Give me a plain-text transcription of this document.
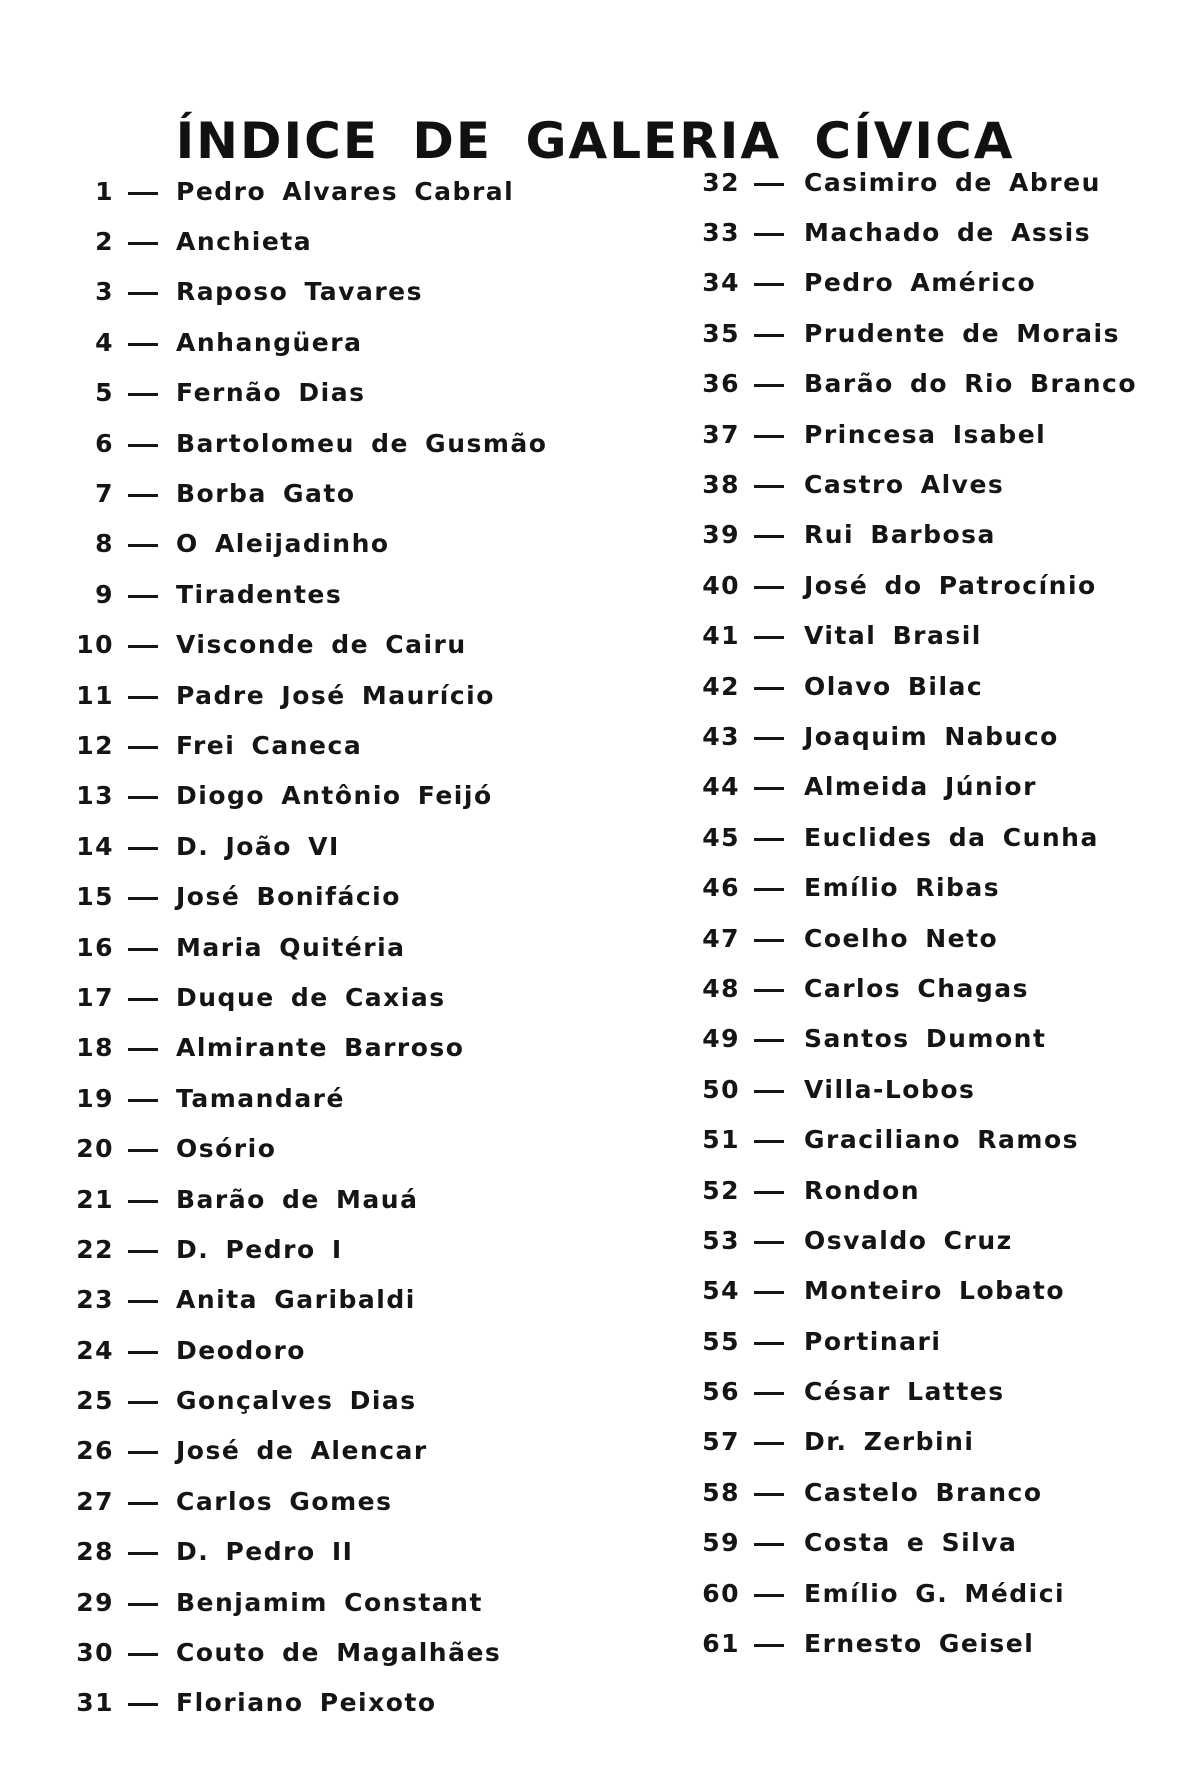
ÍNDICE DE GALERIA CÍVICA
1 Pedro Alvares Cabral
2 Anchieta
3 Raposo Tavares
4 Anhangüera
5 Fernão Dias
6 Bartolomeu de Gusmão
7 Borba Gato
8 O Aleijadinho
9 Tiradentes
10 Visconde de Cairu
11 Padre José Maurício
12 Frei Caneca
13 Diogo Antônio Feijó
14 D. João VI
15 José Bonifácio
16 Maria Quitéria
17 Duque de Caxias
18 Almirante Barroso
19 Tamandaré
20 Osório
21 Barão de Mauá
22 D. Pedro I
23 Anita Garibaldi
24 Deodoro
25 Gonçalves Dias
26 José de Alencar
27 Carlos Gomes
28 D. Pedro II
29 Benjamim Constant
30 Couto de Magalhães
31 Floriano Peixoto
32	Casimiro de Abreu
33	Machado de Assis
34	Pedro Américo
35	Prudente de Morais
36	Barão do Rio Branco
37	Princesa Isabel
38	Castro Alves
39	Rui Barbosa
40	José do Patrocínio
41	Vital Brasil
42	Olavo Bilac
43	Joaquim Nabuco
44	Almeida Júnior
45	Euclides da Cunha
46	Emílio Ribas
47	Coelho Neto
48	Carlos Chagas
49	Santos Dumont
50	Villa-Lobos
51	Graciliano Ramos
52	Rondon
53	Osvaldo Cruz
54	Monteiro Lobato
55	Portinari
56	César Lattes
57	Dr. Zerbini
58	Castelo Branco
59	Costa e Silva
60	Emílio G. Médici
61	Ernesto Geisel
